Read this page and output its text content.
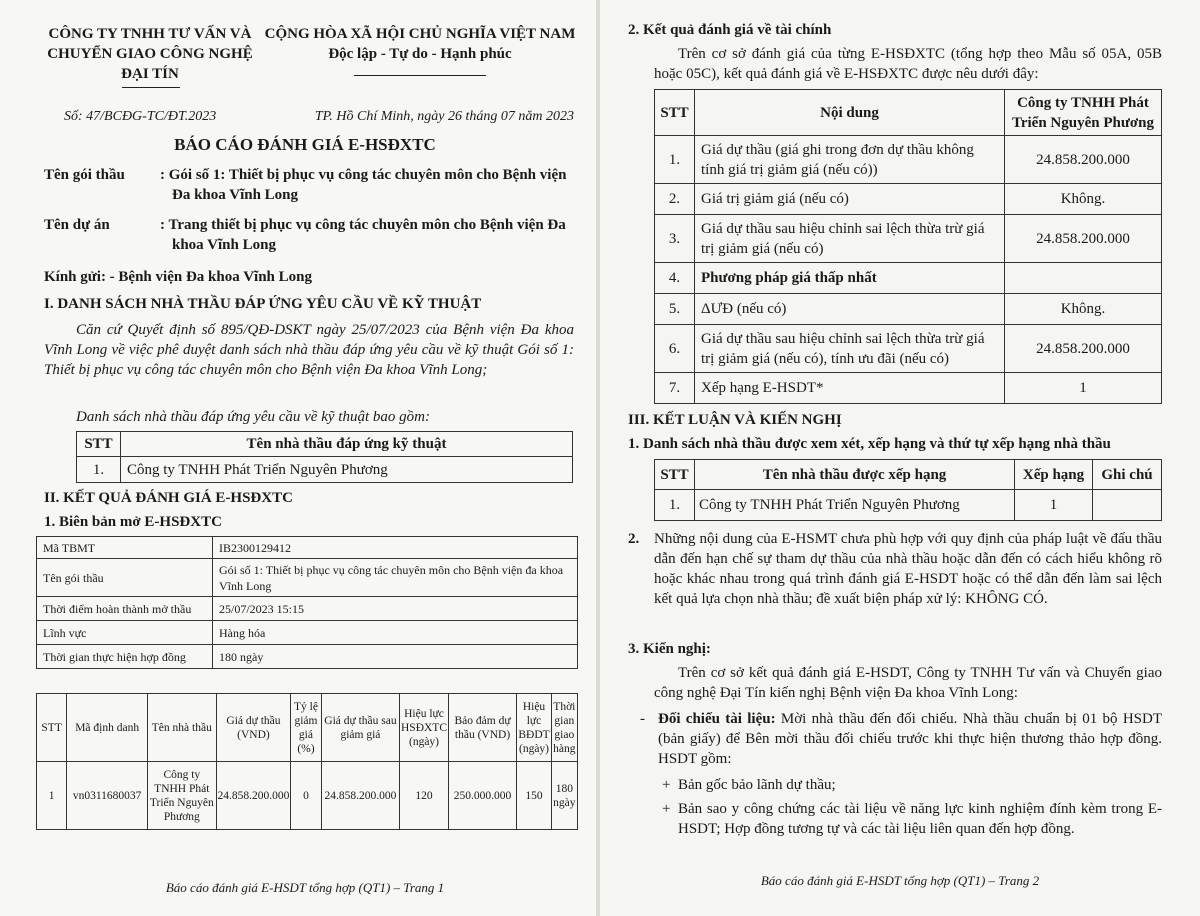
CÔNG TY TNHH TƯ VẤN VÀ
CHUYỂN GIAO CÔNG NGHỆ
ĐẠI TÍN
CỘNG HÒA XÃ HỘI CHỦ NGHĨA VIỆT NAM
Độc lập - Tự do - Hạnh phúc
Số: 47/BCĐG-TC/ĐT.2023	TP. Hồ Chí Minh, ngày 26 tháng 07 năm 2023
BÁO CÁO ĐÁNH GIÁ E-HSĐXTC
Tên gói thầu : Gói số 1: Thiết bị phục vụ công tác chuyên môn cho Bệnh viện Đa khoa Vĩnh Long
Tên dự án	: Trang thiết bị phục vụ công tác chuyên môn cho Bệnh viện Đa khoa Vĩnh Long
Kính gửi: - Bệnh viện Đa khoa Vĩnh Long
I. DANH SÁCH NHÀ THẦU ĐÁP ỨNG YÊU CẦU VỀ KỸ THUẬT
Căn cứ Quyết định số 895/QĐ-DSKT ngày 25/07/2023 của Bệnh viện Đa khoa Vĩnh Long về việc phê duyệt danh sách nhà thầu đáp ứng yêu cầu về kỹ thuật Gói số 1: Thiết bị phục vụ công tác chuyên môn cho Bệnh viện Đa khoa Vĩnh Long;
Danh sách nhà thầu đáp ứng yêu cầu về kỹ thuật bao gồm:
STT	Tên nhà thầu đáp ứng kỹ thuật
1.	Công ty TNHH Phát Triển Nguyên Phương
II. KẾT QUẢ ĐÁNH GIÁ E-HSĐXTC
1. Biên bản mở E-HSĐXTC
Mã TBMT	IB2300129412
Tên gói thầu	Gói số 1: Thiết bị phục vụ công tác chuyên môn cho Bệnh viện đa khoa Vĩnh Long
Thời điểm hoàn thành mở thầu	25/07/2023 15:15
Lĩnh vực	Hàng hóa
Thời gian thực hiện hợp đồng	180 ngày
STT	Mã định danh	Tên nhà thầu	Giá dự thầu (VND)	Tỷ lệ giảm giá (%)	Giá dự thầu sau giảm giá	Hiệu lực HSĐXTC (ngày)	Bảo đảm dự thầu (VND)	Hiệu lực BĐDT (ngày)	Thời gian giao hàng
1	vn0311680037	Công ty TNHH Phát Triển Nguyên Phương	24.858.200.000	0	24.858.200.000	120	250.000.000	150	180 ngày
Báo cáo đánh giá E-HSDT tổng hợp (QT1) – Trang 1
2. Kết quả đánh giá về tài chính
Trên cơ sở đánh giá của từng E-HSĐXTC (tổng hợp theo Mẫu số 05A, 05B hoặc 05C), kết quả đánh giá về E-HSĐXTC được nêu dưới đây:
STT	Nội dung	Công ty TNHH Phát Triển Nguyên Phương
1.	Giá dự thầu (giá ghi trong đơn dự thầu không tính giá trị giảm giá (nếu có))	24.858.200.000
2.	Giá trị giảm giá (nếu có)	Không.
3.	Giá dự thầu sau hiệu chỉnh sai lệch thừa trừ giá trị giảm giá (nếu có)	24.858.200.000
4.	Phương pháp giá thấp nhất	
5.	ΔƯĐ (nếu có)	Không.
6.	Giá dự thầu sau hiệu chỉnh sai lệch thừa trừ giá trị giảm giá (nếu có), tính ưu đãi (nếu có)	24.858.200.000
7.	Xếp hạng E-HSDT*	1
III. KẾT LUẬN VÀ KIẾN NGHỊ
1. Danh sách nhà thầu được xem xét, xếp hạng và thứ tự xếp hạng nhà thầu
STT	Tên nhà thầu được xếp hạng	Xếp hạng	Ghi chú
1.	Công ty TNHH Phát Triển Nguyên Phương	1	
2. Những nội dung của E-HSMT chưa phù hợp với quy định của pháp luật về đấu thầu dẫn đến hạn chế sự tham dự thầu của nhà thầu hoặc dẫn đến có cách hiểu không rõ hoặc khác nhau trong quá trình đánh giá E-HSDT hoặc có thể dẫn đến làm sai lệch kết quả lựa chọn nhà thầu; đề xuất biện pháp xử lý: KHÔNG CÓ.
3. Kiến nghị:
Trên cơ sở kết quả đánh giá E-HSDT, Công ty TNHH Tư vấn và Chuyển giao công nghệ Đại Tín kiến nghị Bệnh viện Đa khoa Vĩnh Long:
- Đối chiếu tài liệu: Mời nhà thầu đến đối chiếu. Nhà thầu chuẩn bị 01 bộ HSDT (bản giấy) để Bên mời thầu đối chiếu trước khi thực hiện thương thảo hợp đồng. HSDT gồm:
+ Bản gốc bảo lãnh dự thầu;
+ Bản sao y công chứng các tài liệu về năng lực kinh nghiệm đính kèm trong E-HSDT; Hợp đồng tương tự và các tài liệu liên quan đến hợp đồng.
Báo cáo đánh giá E-HSDT tổng hợp (QT1) – Trang 2
